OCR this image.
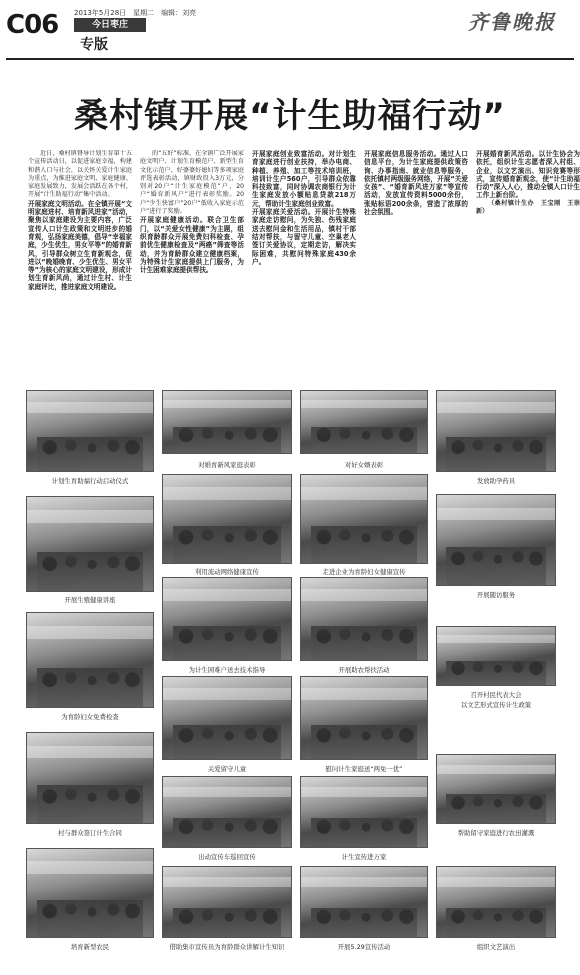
C06 2013年5月28日　星期二　编辑：刘亮
今日枣庄
专版
齐鲁晚报
桑村镇开展“计生助福行动”

近日，桑村镇督导计划生育第十五个宣传活动日，以促进家庭幸福，构建和谐人口与社会，以关怀关爱计生家庭为重点，为推进家庭文明、家庭健康、家庭发展致力，发展会活跃在各个村，开展“计生助福行动”集中活动。

开展家庭文明活动。在全镇开展“文明家庭进村、培育新风进家”活动，聚焦以家庭建设为主要内容，广泛宣传人口计生政策和文明进步的婚育观，弘扬家庭美德，倡导“幸福家庭，少生优生，男女平等”的婚育新风，引导群众树立生育新观念，促进以“晚婚晚育、少生优生、男女平等”为核心的家庭文明建设，形成计划生育新风尚，通过计生村、计生家庭评比，推进家庭文明建设。

的“五好”标准，在全镇广泛开展家庭文明户、计划生育模范户、新型生育文化示范户、好婆婆好媳妇等多项家庭评选表彰活动，镇财政投入3万元，分别对20户“计生家庭模范”户、20户“婚育新风户”进行表彰奖励。20户“少生快富户”20户“低收入家庭示范户”进行了奖励。

开展家庭健康活动。联合卫生部门，以“关爱女性健康”为主题，组织育龄群众开展免费妇科检查、孕前优生健康检查及“两癌”筛查等活动，并为育龄群众建立健康档案，为特殊计生家庭提供上门服务，为计生困难家庭提供帮扶。

开展家庭创业致富活动。对计划生育家庭进行创业扶持，举办电商、种植、养殖、加工等技术培训班，培训计生户560户，引导群众依靠科技致富，同时协调农商银行为计生家庭发放小额贴息贷款218万元，帮助计生家庭创业致富。

开展家庭关爱活动。开展计生特殊家庭走访慰问，为失独、伤残家庭送去慰问金和生活用品，镇村干部结对帮扶，与留守儿童、空巢老人签订关爱协议，定期走访，解决实际困难，共慰问特殊家庭430余户。

开展家庭信息服务活动。通过人口信息平台，为计生家庭提供政策咨询、办事指南、就业信息等服务，依托镇村两级服务网络，开展“关爱女孩”、“婚育新风进万家”等宣传活动，发放宣传资料5000余份，张贴标语200余条，营造了浓厚的社会氛围。

开展婚育新风活动。以计生协会为依托，组织计生志愿者深入村组、企业，以文艺演出、知识竞赛等形式，宣传婚育新观念，使“计生助福行动”深入人心，推动全镇人口计生工作上新台阶。

（桑村镇计生办　王宝刚　王崇新）

计划生育助福行动启动仪式
开展生殖健康讲座
为育龄妇女免费检查
村与群众签订计生合同
培育新型农民
对婚育新风家庭表彰
利用流动网络健康宣传
为计生困难户送去技术指导
关爱留守儿童
出动宣传车巡回宣传
借助集市宣传员为育龄群众讲解计生知识
对好女婿表彰
走进企业为育龄妇女健康宣传
开展助农帮扶活动
慰问计生家庭送“两免一优”
计生宣传进万家
开展5.29宣传活动
发放助孕药具
开展随访服务
召开村民代表大会
帮助留守家庭进行农田灌溉
组织文艺演出
以文艺形式宣传计生政策
